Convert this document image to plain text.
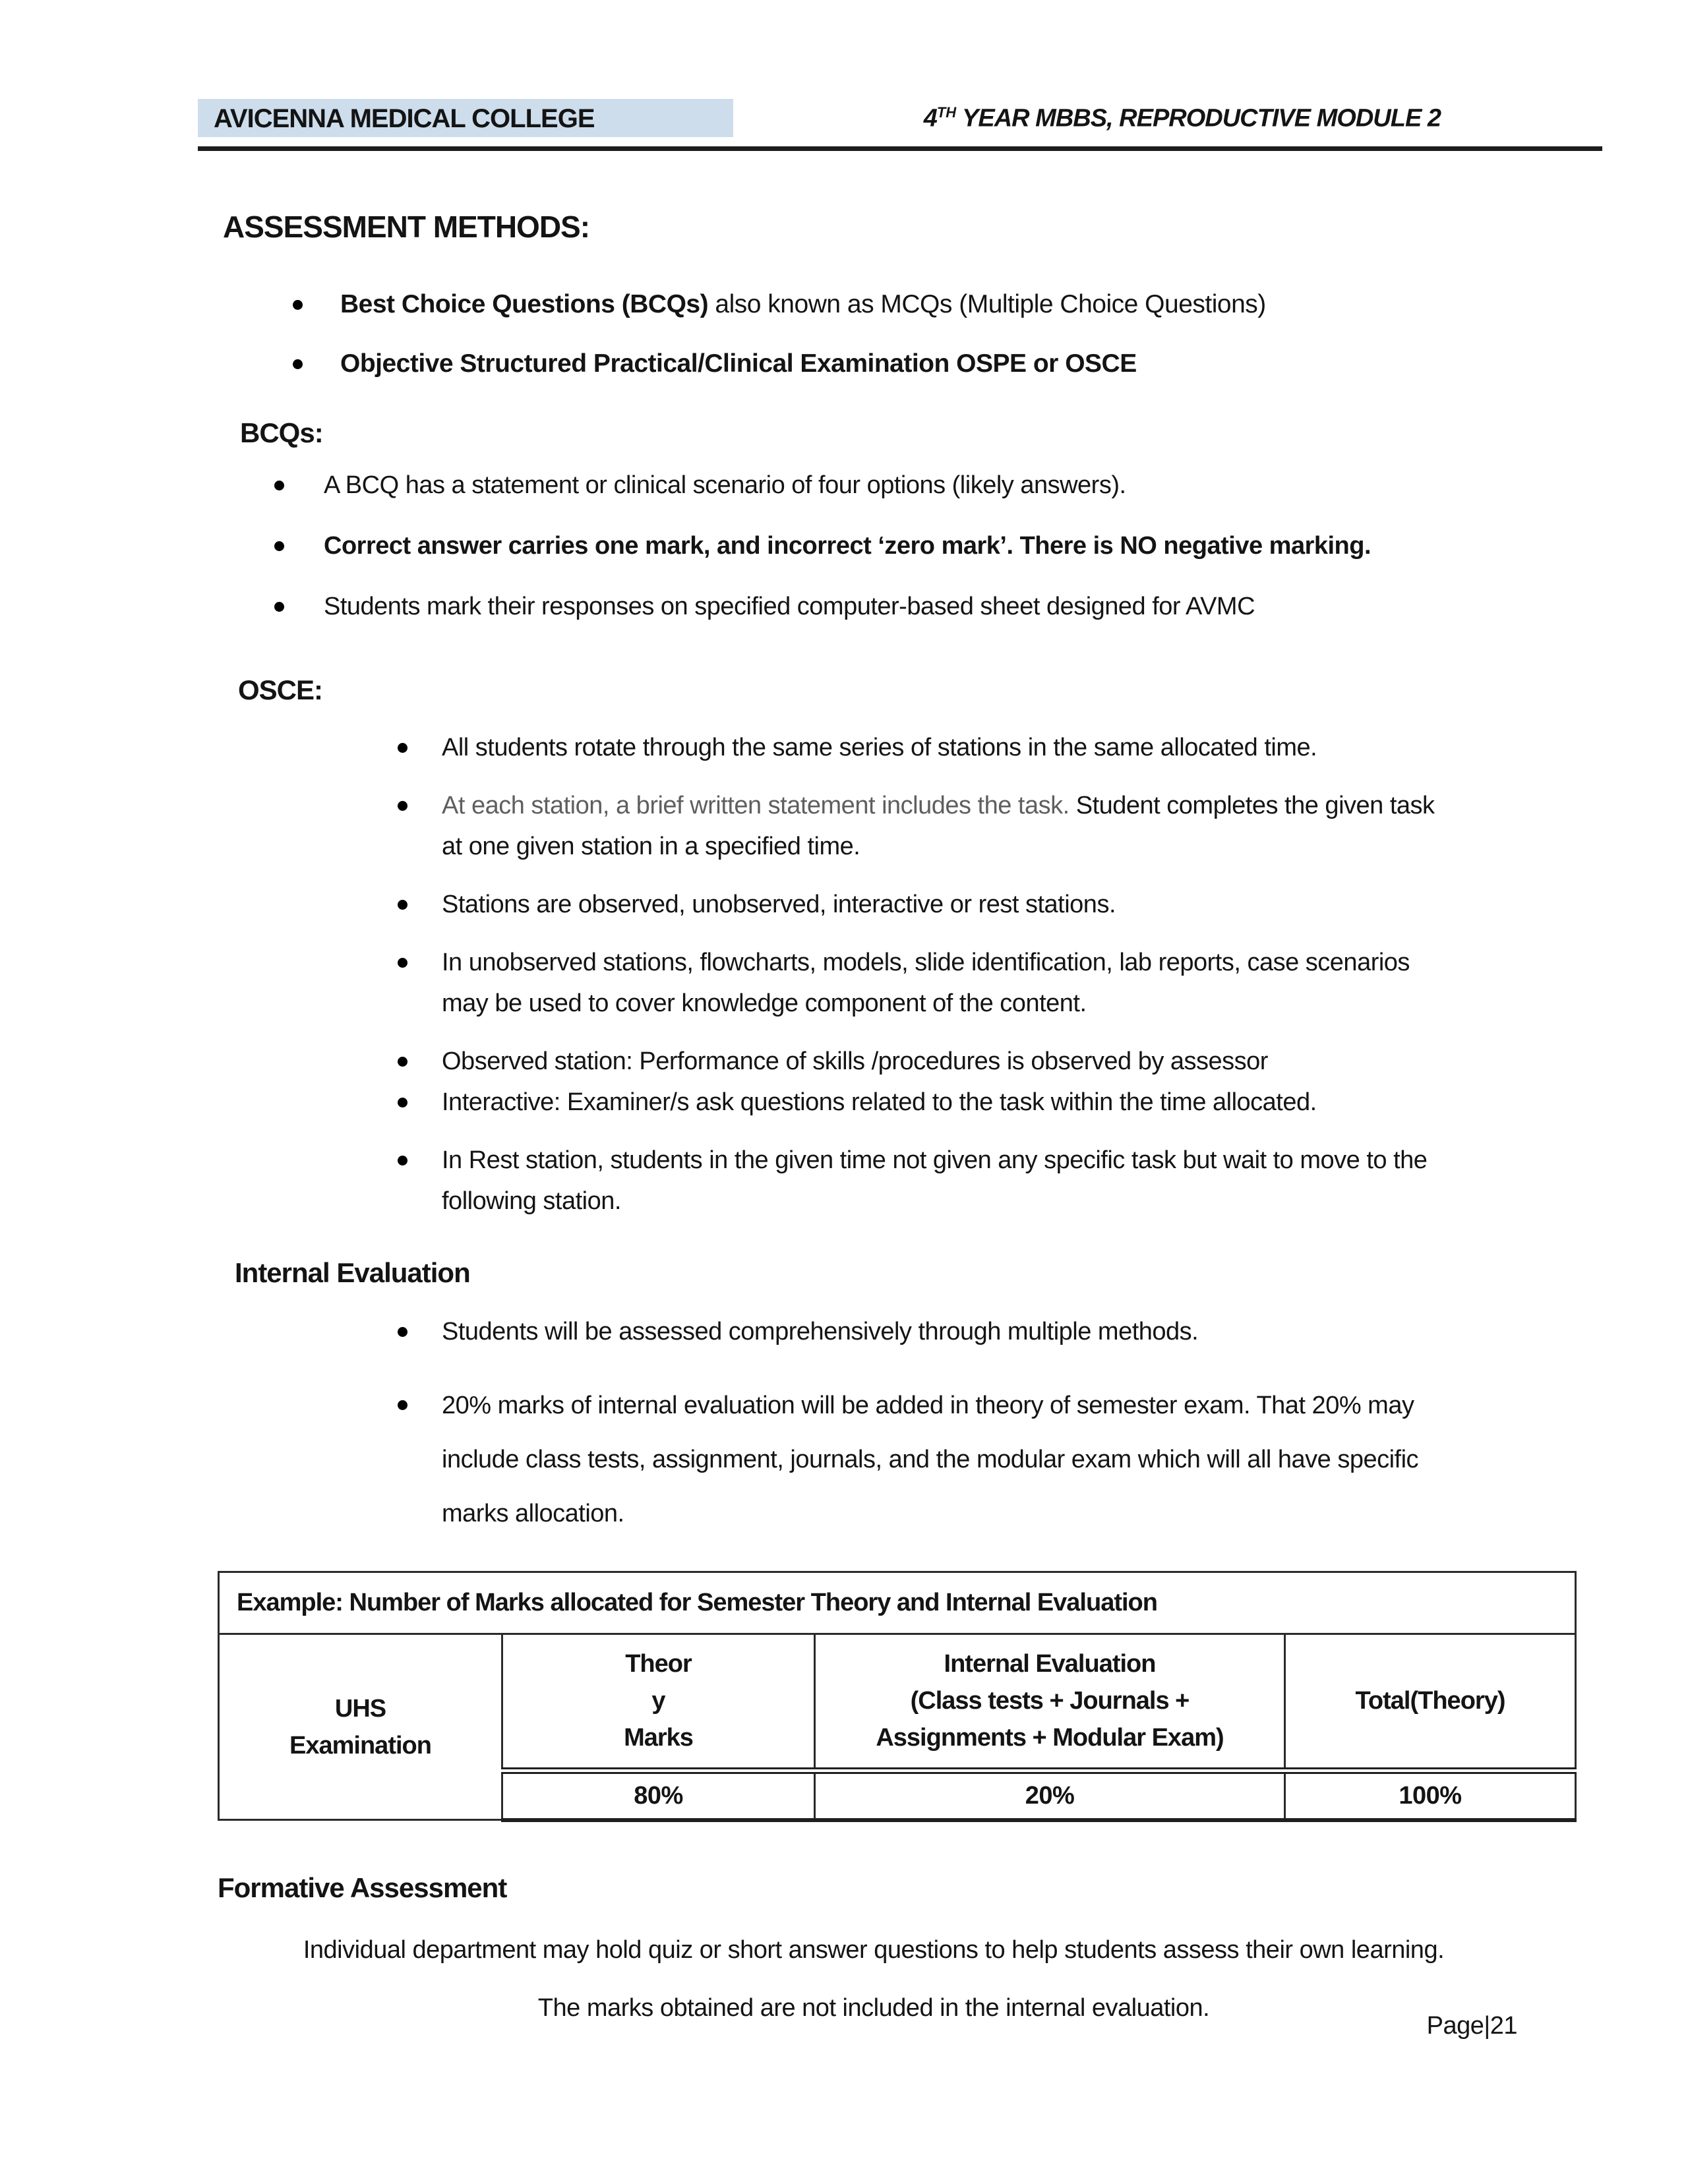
AVICENNA MEDICAL COLLEGE	4TH YEAR MBBS, REPRODUCTIVE MODULE 2
ASSESSMENT METHODS:
Best Choice Questions (BCQs) also known as MCQs (Multiple Choice Questions)
Objective Structured Practical/Clinical Examination OSPE or OSCE
BCQs:
A BCQ has a statement or clinical scenario of four options (likely answers).
Correct answer carries one mark, and incorrect ‘zero mark’. There is NO negative marking.
Students mark their responses on specified computer-based sheet designed for AVMC
OSCE:
All students rotate through the same series of stations in the same allocated time.
At each station, a brief written statement includes the task. Student completes the given task at one given station in a specified time.
Stations are observed, unobserved, interactive or rest stations.
In unobserved stations, flowcharts, models, slide identification, lab reports, case scenarios may be used to cover knowledge component of the content.
Observed station: Performance of skills /procedures is observed by assessor
Interactive: Examiner/s ask questions related to the task within the time allocated.
In Rest station, students in the given time not given any specific task but wait to move to the following station.
Internal Evaluation
Students will be assessed comprehensively through multiple methods.
20% marks of internal evaluation will be added in theory of semester exam. That 20% may include class tests, assignment, journals, and the modular exam which will all have specific marks allocation.
Example: Number of Marks allocated for Semester Theory and Internal Evaluation			

UHS
Examination

Theor
y
Marks

Internal Evaluation
(Class tests + Journals +
Assignments + Modular Exam)

Total(Theory)

	80%	20%	100%
Formative Assessment
Individual department may hold quiz or short answer questions to help students assess their own learning. The marks obtained are not included in the internal evaluation.
Page|21
